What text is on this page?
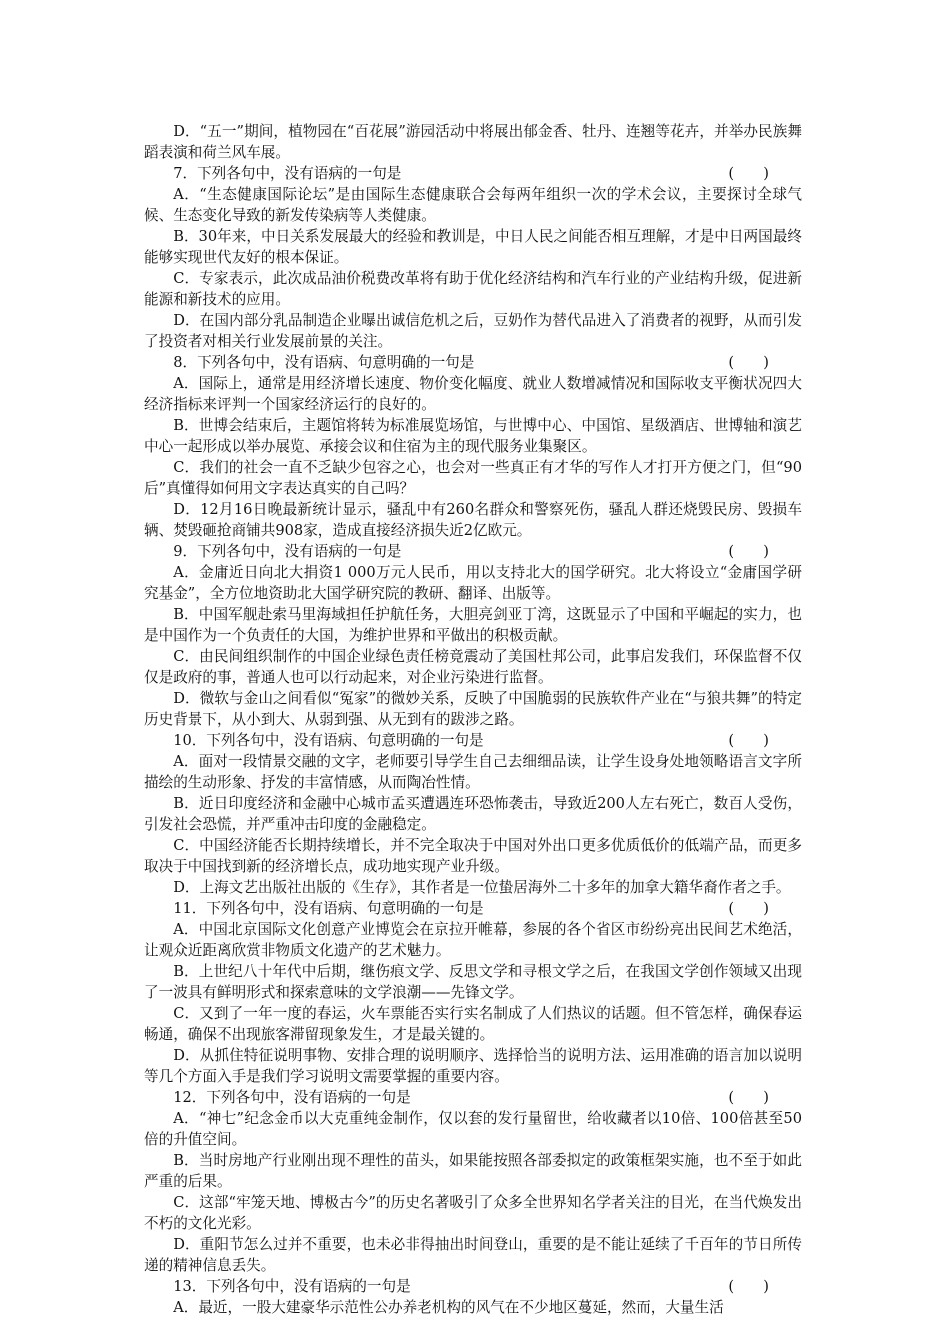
D．“五一”期间，植物园在“百花展”游园活动中将展出郁金香、牡丹、连翘等花卉，并举办民族舞蹈表演和荷兰风车展。

7．下列各句中，没有语病的一句是	(　　)

A．“生态健康国际论坛”是由国际生态健康联合会每两年组织一次的学术会议，主要探讨全球气候、生态变化导致的新发传染病等人类健康。

B．30年来，中日关系发展最大的经验和教训是，中日人民之间能否相互理解，才是中日两国最终能够实现世代友好的根本保证。

C．专家表示，此次成品油价税费改革将有助于优化经济结构和汽车行业的产业结构升级，促进新能源和新技术的应用。

D．在国内部分乳品制造企业曝出诚信危机之后，豆奶作为替代品进入了消费者的视野，从而引发了投资者对相关行业发展前景的关注。

8．下列各句中，没有语病、句意明确的一句是	(　　)

A．国际上，通常是用经济增长速度、物价变化幅度、就业人数增减情况和国际收支平衡状况四大经济指标来评判一个国家经济运行的良好的。

B．世博会结束后，主题馆将转为标准展览场馆，与世博中心、中国馆、星级酒店、世博轴和演艺中心一起形成以举办展览、承接会议和住宿为主的现代服务业集聚区。

C．我们的社会一直不乏缺少包容之心，也会对一些真正有才华的写作人才打开方便之门，但“90后”真懂得如何用文字表达真实的自己吗？

D．12月16日晚最新统计显示，骚乱中有260名群众和警察死伤，骚乱人群还烧毁民房、毁损车辆、焚毁砸抢商铺共908家，造成直接经济损失近2亿欧元。

9．下列各句中，没有语病的一句是	(　　)

A．金庸近日向北大捐资1 000万元人民币，用以支持北大的国学研究。北大将设立“金庸国学研究基金”，全方位地资助北大国学研究院的教研、翻译、出版等。

B．中国军舰赴索马里海域担任护航任务，大胆亮剑亚丁湾，这既显示了中国和平崛起的实力，也是中国作为一个负责任的大国，为维护世界和平做出的积极贡献。

C．由民间组织制作的中国企业绿色责任榜竟震动了美国杜邦公司，此事启发我们，环保监督不仅仅是政府的事，普通人也可以行动起来，对企业污染进行监督。

D．微软与金山之间看似“冤家”的微妙关系，反映了中国脆弱的民族软件产业在“与狼共舞”的特定历史背景下，从小到大、从弱到强、从无到有的跋涉之路。

10．下列各句中，没有语病、句意明确的一句是	(　　)

A．面对一段情景交融的文字，老师要引导学生自己去细细品读，让学生设身处地领略语言文字所描绘的生动形象、抒发的丰富情感，从而陶冶性情。

B．近日印度经济和金融中心城市孟买遭遇连环恐怖袭击，导致近200人左右死亡，数百人受伤，引发社会恐慌，并严重冲击印度的金融稳定。

C．中国经济能否长期持续增长，并不完全取决于中国对外出口更多优质低价的低端产品，而更多取决于中国找到新的经济增长点，成功地实现产业升级。

D．上海文艺出版社出版的《生存》，其作者是一位蛰居海外二十多年的加拿大籍华裔作者之手。

11．下列各句中，没有语病、句意明确的一句是	(　　)

A．中国北京国际文化创意产业博览会在京拉开帷幕，参展的各个省区市纷纷亮出民间艺术绝活，让观众近距离欣赏非物质文化遗产的艺术魅力。

B．上世纪八十年代中后期，继伤痕文学、反思文学和寻根文学之后，在我国文学创作领域又出现了一波具有鲜明形式和探索意味的文学浪潮——先锋文学。

C．又到了一年一度的春运，火车票能否实行实名制成了人们热议的话题。但不管怎样，确保春运畅通，确保不出现旅客滞留现象发生，才是最关键的。

D．从抓住特征说明事物、安排合理的说明顺序、选择恰当的说明方法、运用准确的语言加以说明等几个方面入手是我们学习说明文需要掌握的重要内容。

12．下列各句中，没有语病的一句是	(　　)

A．“神七”纪念金币以大克重纯金制作，仅以套的发行量留世，给收藏者以10倍、100倍甚至50倍的升值空间。

B．当时房地产行业刚出现不理性的苗头，如果能按照各部委拟定的政策框架实施，也不至于如此严重的后果。

C．这部“牢笼天地、博极古今”的历史名著吸引了众多全世界知名学者关注的目光，在当代焕发出不朽的文化光彩。

D．重阳节怎么过并不重要，也未必非得抽出时间登山，重要的是不能让延续了千百年的节日所传递的精神信息丢失。

13．下列各句中，没有语病的一句是	(　　)

A．最近，一股大建豪华示范性公办养老机构的风气在不少地区蔓延，然而，大量生活
